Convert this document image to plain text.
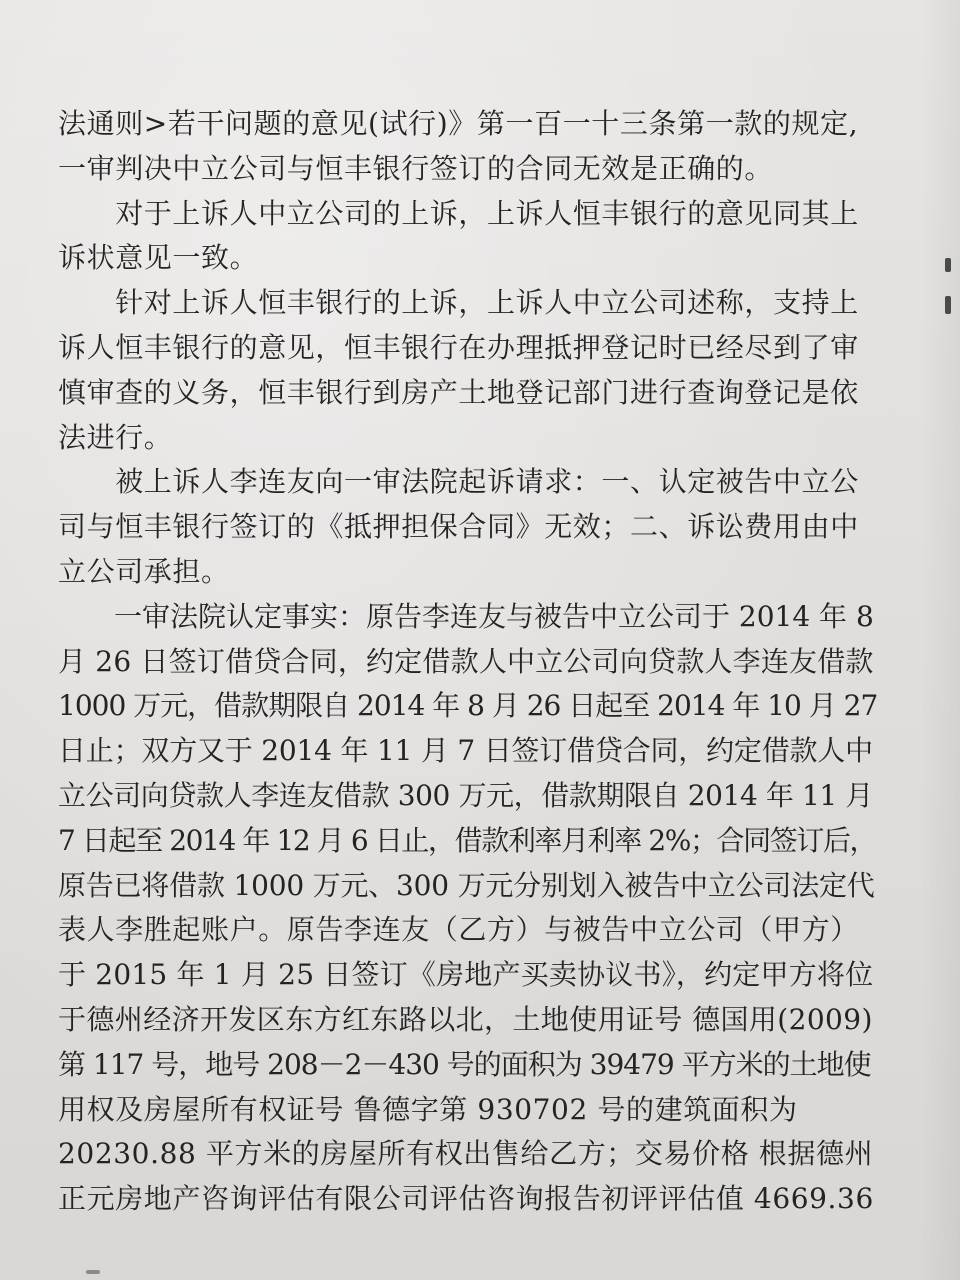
法通则>若干问题的意见(试行)》第一百一十三条第一款的规定,
一审判决中立公司与恒丰银行签订的合同无效是正确的。
　　对于上诉人中立公司的上诉，上诉人恒丰银行的意见同其上
诉状意见一致。
　　针对上诉人恒丰银行的上诉，上诉人中立公司述称，支持上
诉人恒丰银行的意见，恒丰银行在办理抵押登记时已经尽到了审
慎审查的义务，恒丰银行到房产土地登记部门进行查询登记是依
法进行。
　　被上诉人李连友向一审法院起诉请求：一、认定被告中立公
司与恒丰银行签订的《抵押担保合同》无效；二、诉讼费用由中
立公司承担。
　　一审法院认定事实：原告李连友与被告中立公司于 2014 年 8
月 26 日签订借贷合同，约定借款人中立公司向贷款人李连友借款
1000 万元，借款期限自 2014 年 8 月 26 日起至 2014 年 10 月 27
日止；双方又于 2014 年 11 月 7 日签订借贷合同，约定借款人中
立公司向贷款人李连友借款 300 万元，借款期限自 2014 年 11 月
7 日起至 2014 年 12 月 6 日止，借款利率月利率 2%；合同签订后，
原告已将借款 1000 万元、300 万元分别划入被告中立公司法定代
表人李胜起账户。原告李连友（乙方）与被告中立公司（甲方）
于 2015 年 1 月 25 日签订《房地产买卖协议书》，约定甲方将位
于德州经济开发区东方红东路以北，土地使用证号 德国用(2009)
第 117 号，地号 208－2－430 号的面积为 39479 平方米的土地使
用权及房屋所有权证号 鲁德字第 930702 号的建筑面积为
20230.88 平方米的房屋所有权出售给乙方；交易价格 根据德州
正元房地产咨询评估有限公司评估咨询报告初评评估值 4669.36
